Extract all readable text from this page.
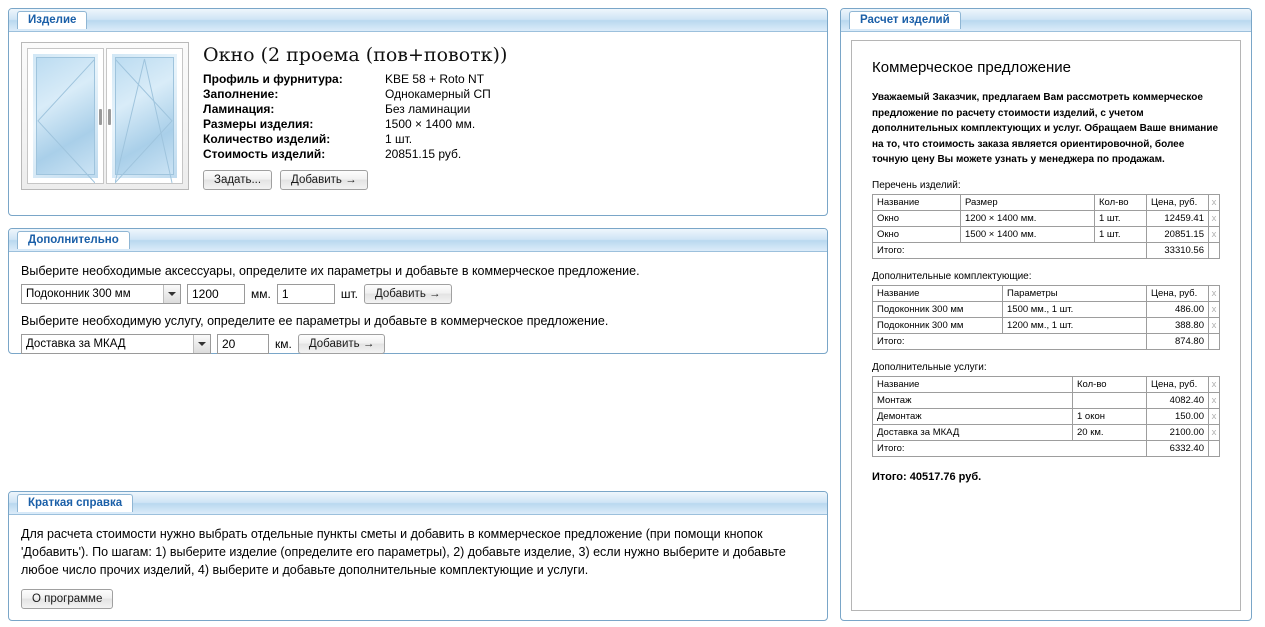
Изделие
Окно (2 проема (пов+повотк))
Профиль и фурнитура:	KBE 58 + Roto NT
Заполнение:	Однокамерный СП
Ламинация:	Без ламинации
Размеры изделия:	1500 × 1400 мм.
Количество изделий:	1 шт.
Стоимость изделий:	20851.15 руб.
Задать...	Добавить →
Дополнительно
Выберите необходимые аксессуары, определите их параметры и добавьте в коммерческое предложение.
Подоконник 300 мм	1200	мм. 1	шт.	Добавить →
Выберите необходимую услугу, определите ее параметры и добавьте в коммерческое предложение.
Доставка за МКАД	20	км.	Добавить →
Краткая справка

Для расчета стоимости нужно выбрать отдельные пункты сметы и добавить в коммерческое предложение (при помощи кнопок 'Добавить'). По шагам: 1) выберите изделие (определите его параметры), 2) добавьте изделие, 3) если нужно выберите и добавьте любое число прочих изделий, 4) выберите и добавьте дополнительные комплектующие и услуги.

О программе
Расчет изделий
Коммерческое предложение

Уважаемый Заказчик, предлагаем Вам рассмотреть коммерческое предложение по расчету стоимости изделий, с учетом дополнительных комплектующих и услуг. Обращаем Ваше внимание на то, что стоимость заказа является ориентировочной, более точную цену Вы можете узнать у менеджера по продажам.

Перечень изделий:
Название	Размер	Кол-во	Цена, руб.	x
Окно	1200 × 1400 мм.	1 шт.	12459.41	x
Окно	1500 × 1400 мм.	1 шт.	20851.15	x
Итого:			33310.56	
Дополнительные комплектующие:
Название	Параметры	Цена, руб.	x
Подоконник 300 мм	1500 мм., 1 шт.	486.00	x
Подоконник 300 мм	1200 мм., 1 шт.	388.80	x
Итого:		874.80	
Дополнительные услуги:
Название	Кол-во	Цена, руб.	x
Монтаж		4082.40	x
Демонтаж	1 окон	150.00	x
Доставка за МКАД	20 км.	2100.00	x
Итого:		6332.40	
Итого: 40517.76 руб.
